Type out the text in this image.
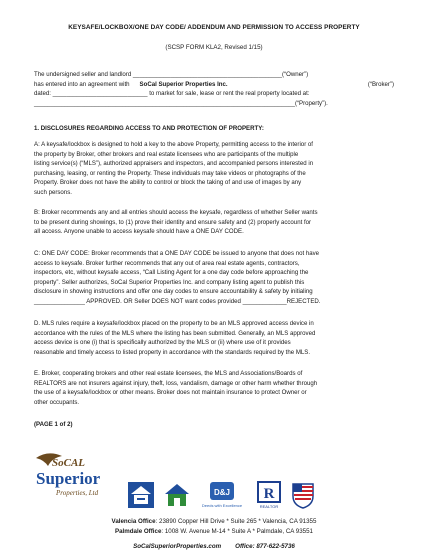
KEYSAFE/LOCKBOX/ONE DAY CODE/ ADDENDUM AND PERMISSION TO ACCESS PROPERTY
(SCSP FORM KLA2, Revised 1/15)
The undersigned seller and landlord ____________________________________________(“Owner”)
has entered into an agreement with SoCal Superior Properties Inc.	(“Broker”)
dated: ____________________________ to market for sale, lease or rent the real property located at:
_____________________________________________________________________________(“Property”).
1. DISCLOSURES REGARDING ACCESS TO AND PROTECTION OF PROPERTY:
A: A keysafe/lockbox is designed to hold a key to the above Property, permitting access to the interior of
the property by Broker, other brokers and real estate licensees who are participants of the multiple
listing service(s) (“MLS”), authorized appraisers and inspectors, and accompanied persons interested in
purchasing, leasing, or renting the Property. These individuals may take videos or photographs of the
Property. Broker does not have the ability to control or block the taking of and use of images by any
such persons.
B: Broker recommends any and all entries should access the keysafe, regardless of whether Seller wants
to be present during showings, to (1) prove their identity and ensure safety and (2) properly account for
all access. Anyone unable to access keysafe should have a ONE DAY CODE.
C: ONE DAY CODE: Broker recommends that a ONE DAY CODE be issued to anyone that does not have
access to keysafe. Broker further recommends that any out of area real estate agents, contractors,
inspectors, etc, without keysafe access, “Call Listing Agent for a one day code before approaching the
property”. Seller authorizes, SoCal Superior Properties Inc. and company listing agent to publish this
disclosure in showing instructions and offer one day codes to ensure accountability & safety by initialing
_______________ APPROVED. OR Seller DOES NOT want codes provided _____________REJECTED.
D. MLS rules require a keysafe/lockbox placed on the property to be an MLS approved access device in
accordance with the rules of the MLS where the listing has been submitted. Generally, an MLS approved
access device is one (i) that is specifically authorized by the MLS or (ii) where use of it provides
reasonable and timely access to listed property in accordance with the standards required by the MLS.
E. Broker, cooperating brokers and other real estate licensees, the MLS and Associations/Boards of
REALTORS are not insurers against injury, theft, loss, vandalism, damage or other harm whether through
the use of a keysafe/lockbox or other means. Broker does not maintain insurance to protect Owner or
other occupants.
(PAGE 1 of 2)
SoCAL
Superior
Properties, Ltd	D&J
Deeds with Excellence
R
REALTOR
Valencia Office: 23890 Copper Hill Drive * Suite 265 * Valencia, CA 91355
Palmdale Office: 1008 W. Avenue M-14 * Suite A * Palmdale, CA 93551
SoCalSuperiorProperties.com Office: 877-622-5736
